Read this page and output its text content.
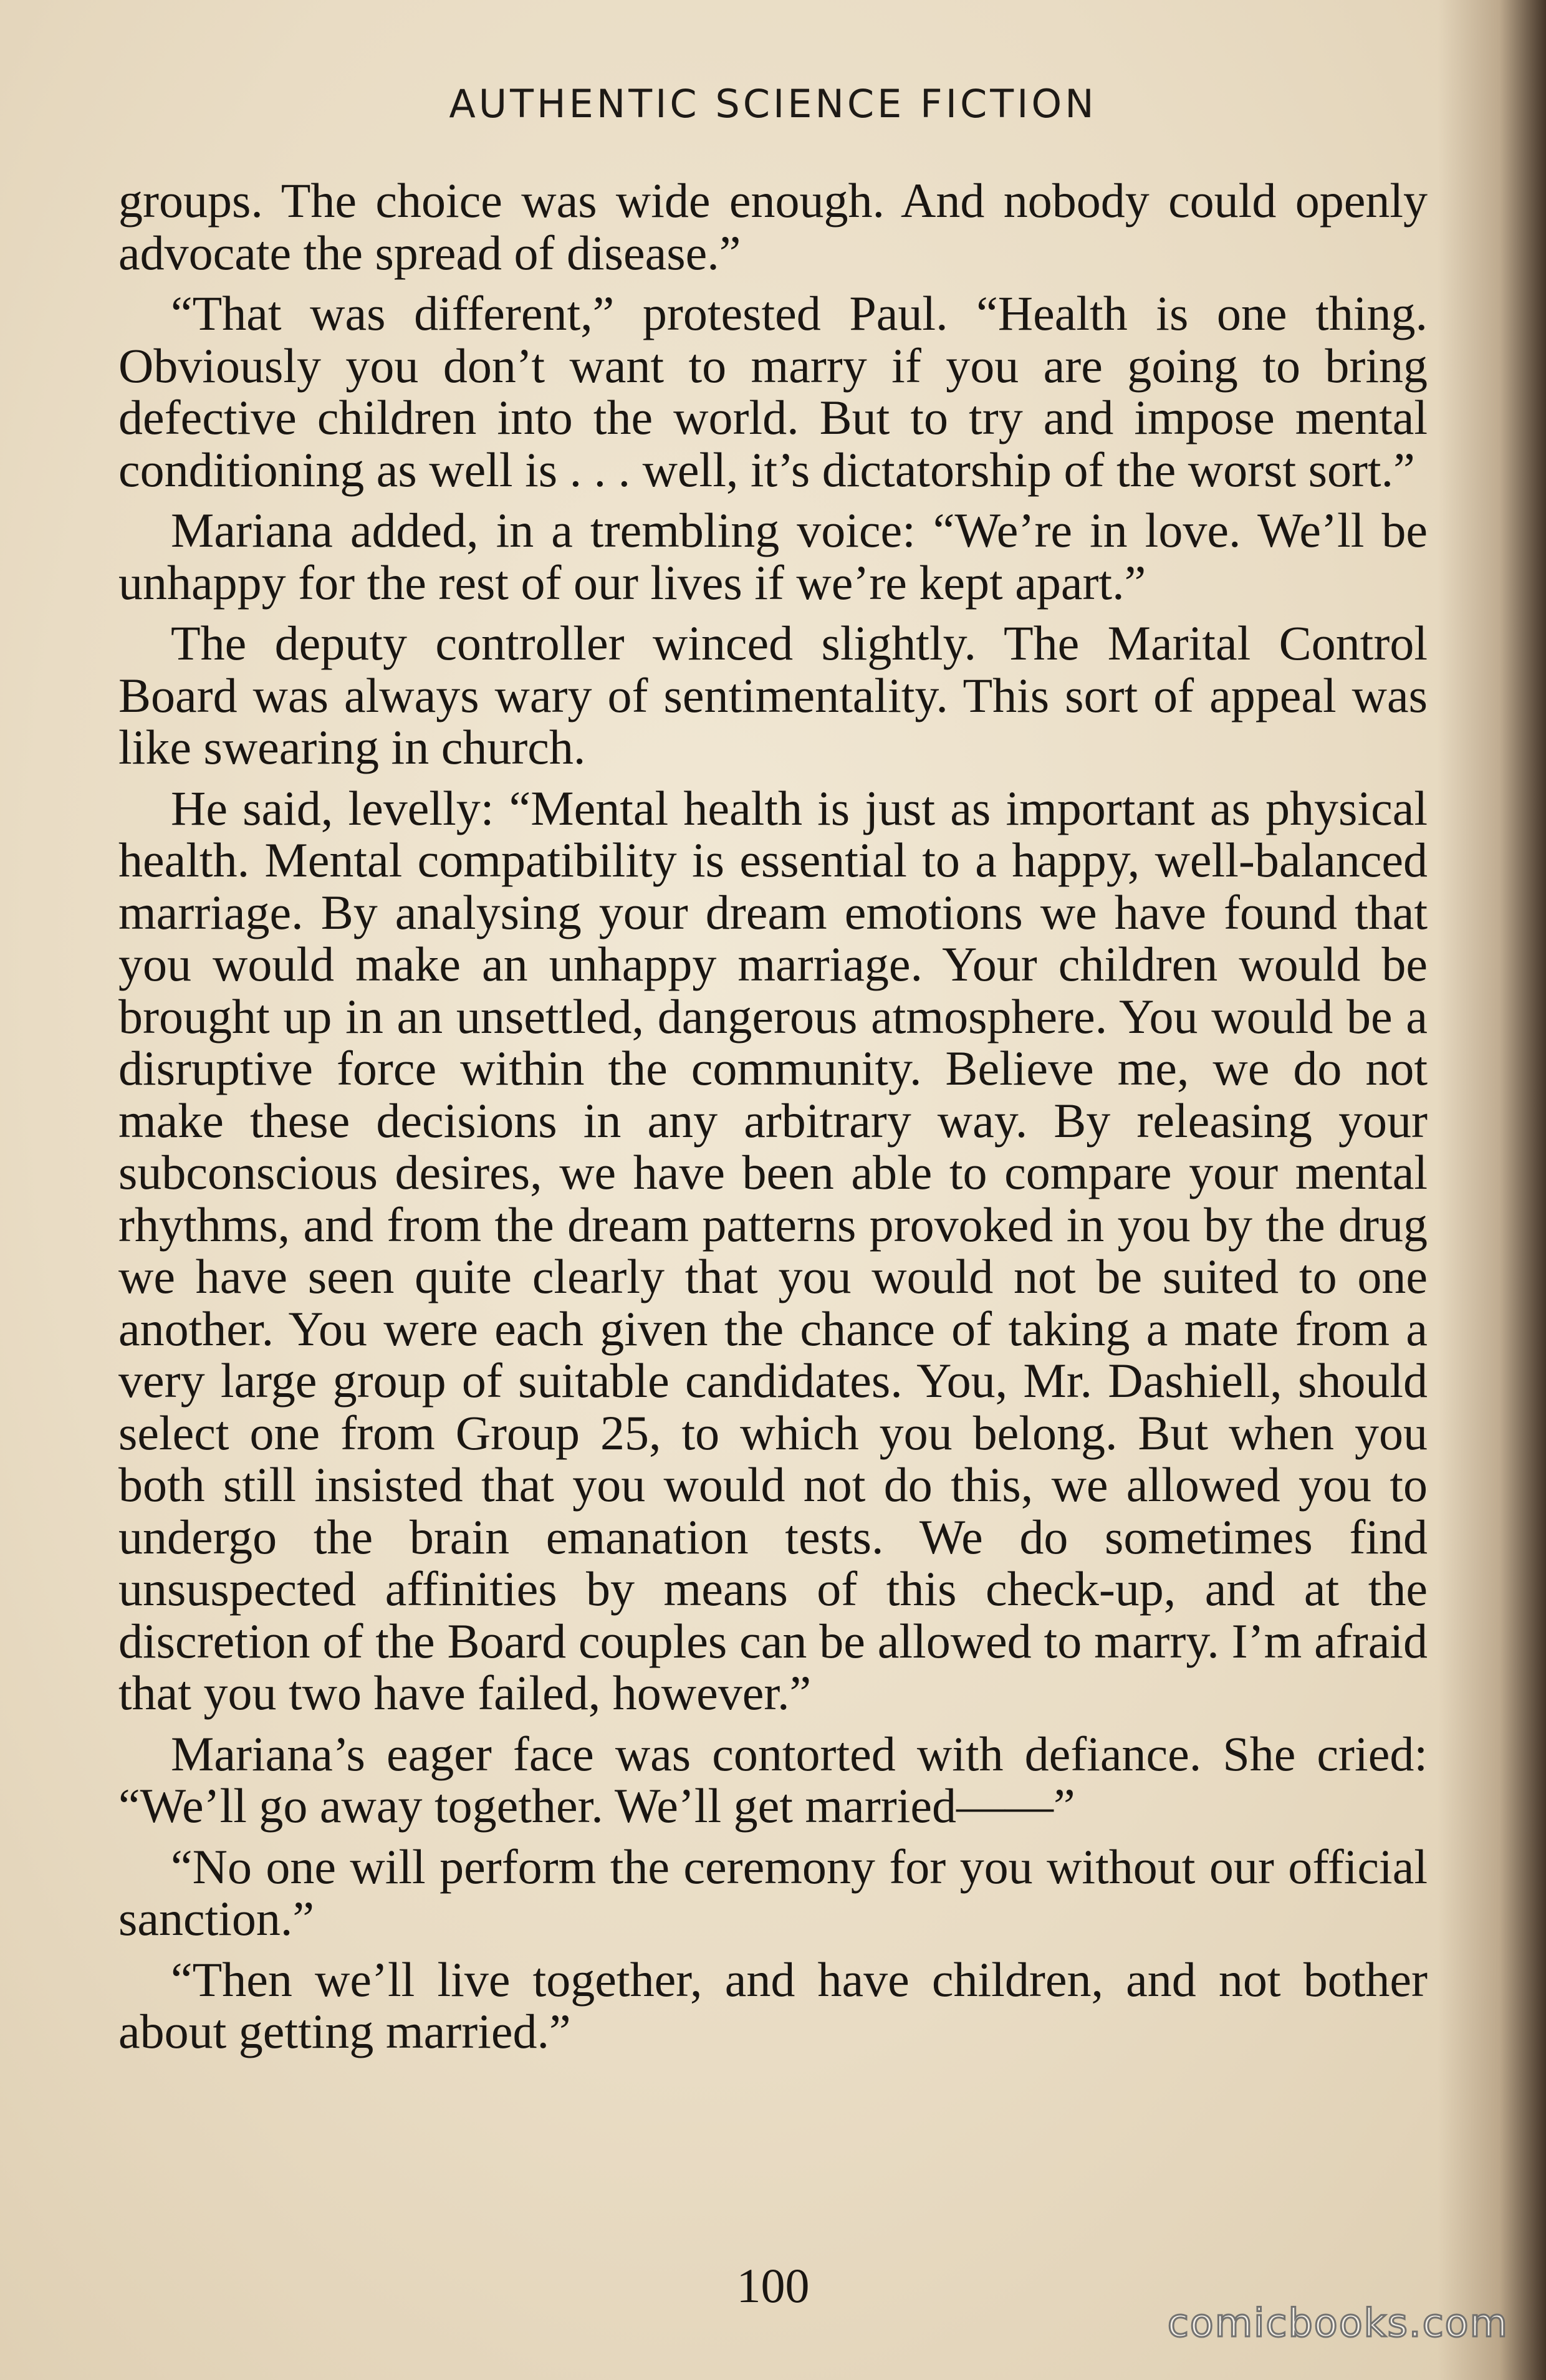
AUTHENTIC SCIENCE FICTION

groups. The choice was wide enough. And nobody could openly advocate the spread of disease.”

“That was different,” protested Paul. “Health is one thing. Obviously you don’t want to marry if you are going to bring defective children into the world. But to try and impose mental conditioning as well is . . . well, it’s dictatorship of the worst sort.”

Mariana added, in a trembling voice: “We’re in love. We’ll be unhappy for the rest of our lives if we’re kept apart.”

The deputy controller winced slightly. The Marital Control Board was always wary of sentimentality. This sort of appeal was like swearing in church.

He said, levelly: “Mental health is just as important as physical health. Mental compatibility is essential to a happy, well-balanced marriage. By analysing your dream emotions we have found that you would make an unhappy marriage. Your children would be brought up in an unsettled, dangerous atmosphere. You would be a disruptive force within the community. Believe me, we do not make these decisions in any arbitrary way. By releasing your subconscious desires, we have been able to compare your mental rhythms, and from the dream patterns provoked in you by the drug we have seen quite clearly that you would not be suited to one another. You were each given the chance of taking a mate from a very large group of suitable candidates. You, Mr. Dashiell, should select one from Group 25, to which you belong. But when you both still insisted that you would not do this, we allowed you to undergo the brain emanation tests. We do sometimes find unsuspected affinities by means of this check-up, and at the discretion of the Board couples can be allowed to marry. I’m afraid that you two have failed, however.”

Mariana’s eager face was contorted with defiance. She cried: “We’ll go away together. We’ll get married——”

“No one will perform the ceremony for you without our official sanction.”

“Then we’ll live together, and have children, and not bother about getting married.”

100
comicbooks.com
